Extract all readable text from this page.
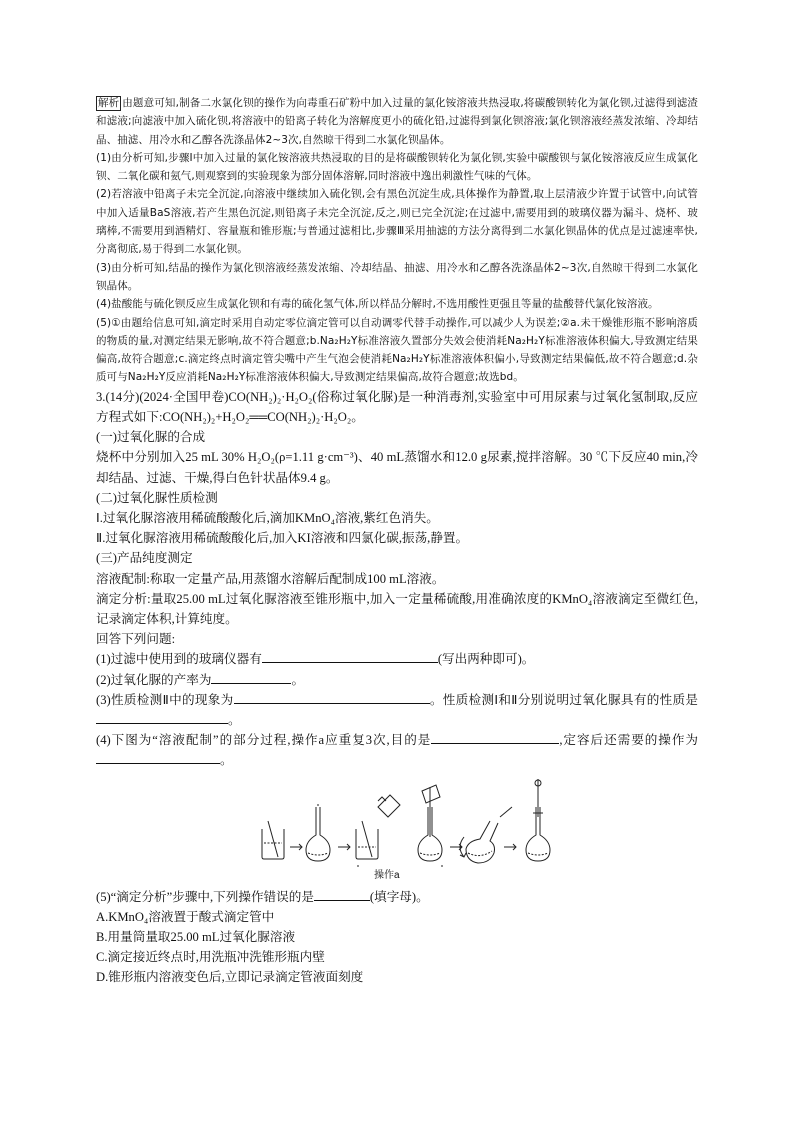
解析 由题意可知,制备二水氯化钡的操作为向毒重石矿粉中加入过量的氯化铵溶液共热浸取,将碳酸钡转化为氯化钡,过滤得到滤渣和滤液;向滤液中加入硫化钡,将溶液中的铅离子转化为溶解度更小的硫化铅,过滤得到氯化钡溶液;氯化钡溶液经蒸发浓缩、冷却结晶、抽滤、用冷水和乙醇各洗涤晶体2~3次,自然晾干得到二水氯化钡晶体。

(1)由分析可知,步骤Ⅰ中加入过量的氯化铵溶液共热浸取的目的是将碳酸钡转化为氯化钡,实验中碳酸钡与氯化铵溶液反应生成氯化钡、二氧化碳和氨气,则观察到的实验现象为部分固体溶解,同时溶液中逸出刺激性气味的气体。

(2)若溶液中铅离子未完全沉淀,向溶液中继续加入硫化钡,会有黑色沉淀生成,具体操作为静置,取上层清液少许置于试管中,向试管中加入适量BaS溶液,若产生黑色沉淀,则铅离子未完全沉淀,反之,则已完全沉淀;在过滤中,需要用到的玻璃仪器为漏斗、烧杯、玻璃棒,不需要用到酒精灯、容量瓶和锥形瓶;与普通过滤相比,步骤Ⅲ采用抽滤的方法分离得到二水氯化钡晶体的优点是过滤速率快,分离彻底,易于得到二水氯化钡。

(3)由分析可知,结晶的操作为氯化钡溶液经蒸发浓缩、冷却结晶、抽滤、用冷水和乙醇各洗涤晶体2~3次,自然晾干得到二水氯化钡晶体。

(4)盐酸能与硫化钡反应生成氯化钡和有毒的硫化氢气体,所以样品分解时,不选用酸性更强且等量的盐酸替代氯化铵溶液。

(5)①由题给信息可知,滴定时采用自动定零位滴定管可以自动调零代替手动操作,可以减少人为误差;②a.未干燥锥形瓶不影响溶质的物质的量,对测定结果无影响,故不符合题意;b.Na₂H₂Y标准溶液久置部分失效会使消耗Na₂H₂Y标准溶液体积偏大,导致测定结果偏高,故符合题意;c.滴定终点时滴定管尖嘴中产生气泡会使消耗Na₂H₂Y标准溶液体积偏小,导致测定结果偏低,故不符合题意;d.杂质可与Na₂H₂Y反应消耗Na₂H₂Y标准溶液体积偏大,导致测定结果偏高,故符合题意;故选bd。

3.(14分)(2024·全国甲卷)CO(NH₂)₂·H₂O₂(俗称过氧化脲)是一种消毒剂,实验室中可用尿素与过氧化氢制取,反应方程式如下:CO(NH₂)₂+H₂O₂══CO(NH₂)₂·H₂O₂。

(一)过氧化脲的合成

烧杯中分别加入25 mL 30% H₂O₂(ρ=1.11 g·cm⁻³)、40 mL蒸馏水和12.0 g尿素,搅拌溶解。30 ℃下反应40 min,冷却结晶、过滤、干燥,得白色针状晶体9.4 g。

(二)过氧化脲性质检测

Ⅰ.过氧化脲溶液用稀硫酸酸化后,滴加KMnO₄溶液,紫红色消失。

Ⅱ.过氧化脲溶液用稀硫酸酸化后,加入KI溶液和四氯化碳,振荡,静置。

(三)产品纯度测定

溶液配制:称取一定量产品,用蒸馏水溶解后配制成100 mL溶液。

滴定分析:量取25.00 mL过氧化脲溶液至锥形瓶中,加入一定量稀硫酸,用准确浓度的KMnO₄溶液滴定至微红色,记录滴定体积,计算纯度。

回答下列问题:

(1)过滤中使用到的玻璃仪器有	(写出两种即可)。

(2)过氧化脲的产率为	。

(3)性质检测Ⅱ中的现象为	。性质检测Ⅰ和Ⅱ分别说明过氧化脲具有的性质是。

(4)下图为“溶液配制”的部分过程,操作a应重复3次,目的是	,定容后还需要的操作为。

操作a

(5)“滴定分析”步骤中,下列操作错误的是	(填字母)。

A.KMnO₄溶液置于酸式滴定管中

B.用量筒量取25.00 mL过氧化脲溶液

C.滴定接近终点时,用洗瓶冲洗锥形瓶内壁

D.锥形瓶内溶液变色后,立即记录滴定管液面刻度
